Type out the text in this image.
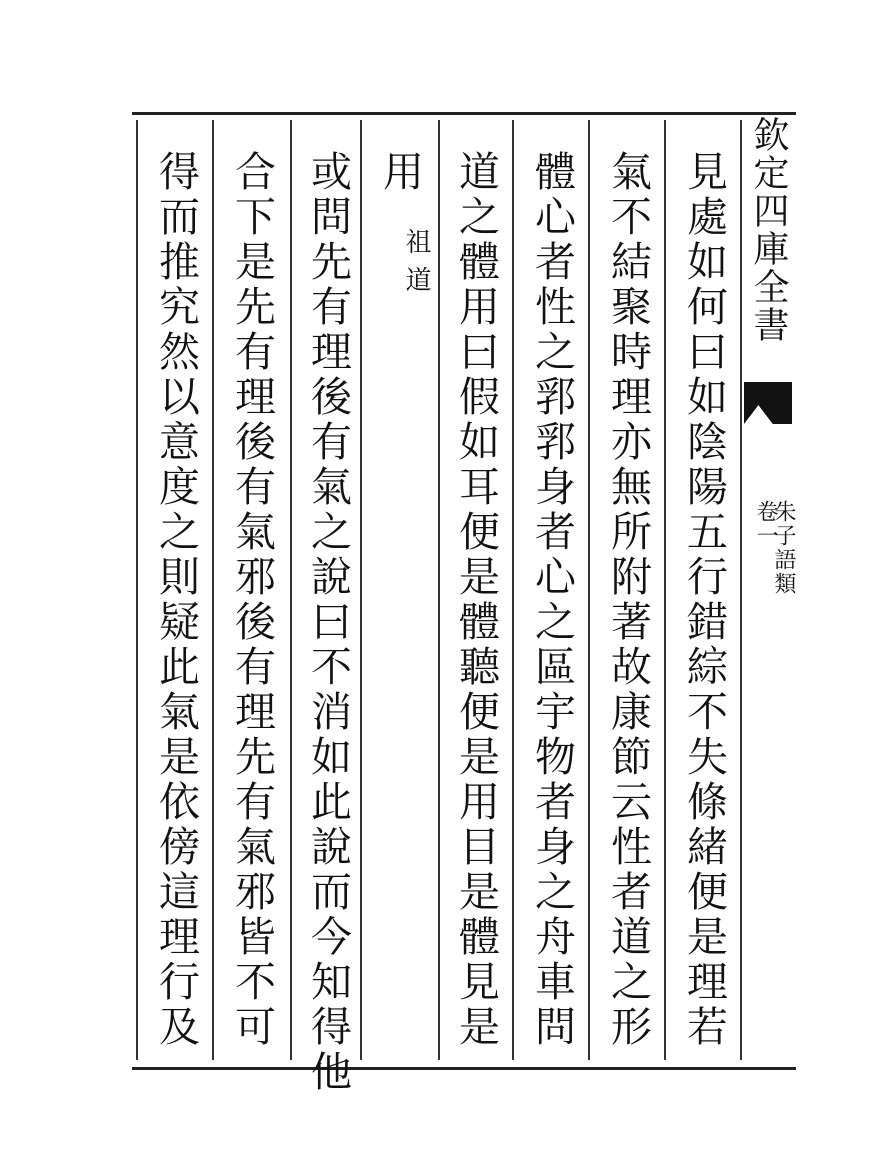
欽定四庫全書
朱子語類
卷一
見處如何曰如陰陽五行錯綜不失條緒便是理若
氣不結聚時理亦無所附著故康節云性者道之形
體心者性之郛郛身者心之區宇物者身之舟車問
道之體用曰假如耳便是體聽便是用目是體見是
用
祖道
或問先有理後有氣之說曰不消如此說而今知得他
合下是先有理後有氣邪後有理先有氣邪皆不可
得而推究然以意度之則疑此氣是依傍這理行及
